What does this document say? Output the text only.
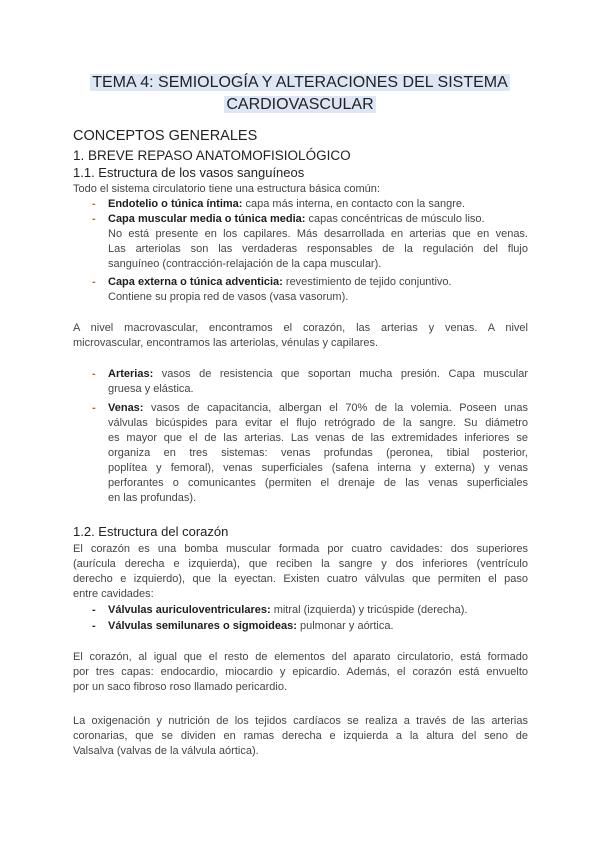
TEMA 4: SEMIOLOGÍA Y ALTERACIONES DEL SISTEMA
CARDIOVASCULAR
CONCEPTOS GENERALES
1. BREVE REPASO ANATOMOFISIOLÓGICO
1.1. Estructura de los vasos sanguíneos
Todo el sistema circulatorio tiene una estructura básica común:
- Endotelio o túnica íntima: capa más interna, en contacto con la sangre.
- Capa muscular media o túnica media: capas concéntricas de músculo liso.
No está presente en los capilares. Más desarrollada en arterias que en venas.
Las arteriolas son las verdaderas responsables de la regulación del flujo
sanguíneo (contracción-relajación de la capa muscular).
- Capa externa o túnica adventicia: revestimiento de tejido conjuntivo.
Contiene su propia red de vasos (vasa vasorum).
A nivel macrovascular, encontramos el corazón, las arterias y venas. A nivel
microvascular, encontramos las arteriolas, vénulas y capilares.
- Arterias: vasos de resistencia que soportan mucha presión. Capa muscular
gruesa y elástica.
- Venas: vasos de capacitancia, albergan el 70% de la volemia. Poseen unas
válvulas bicúspides para evitar el flujo retrógrado de la sangre. Su diámetro
es mayor que el de las arterias. Las venas de las extremidades inferiores se
organiza en tres sistemas: venas profundas (peronea, tibial posterior,
poplítea y femoral), venas superficiales (safena interna y externa) y venas
perforantes o comunicantes (permiten el drenaje de las venas superficiales
en las profundas).
1.2. Estructura del corazón
El corazón es una bomba muscular formada por cuatro cavidades: dos superiores
(aurícula derecha e izquierda), que reciben la sangre y dos inferiores (ventrículo
derecho e izquierdo), que la eyectan. Existen cuatro válvulas que permiten el paso
entre cavidades:
- Válvulas auriculoventriculares: mitral (izquierda) y tricúspide (derecha).
- Válvulas semilunares o sigmoideas: pulmonar y aórtica.
El corazón, al igual que el resto de elementos del aparato circulatorio, está formado
por tres capas: endocardio, miocardio y epicardio. Además, el corazón está envuelto
por un saco fibroso roso llamado pericardio.
La oxigenación y nutrición de los tejidos cardíacos se realiza a través de las arterias
coronarias, que se dividen en ramas derecha e izquierda a la altura del seno de
Valsalva (valvas de la válvula aórtica).
